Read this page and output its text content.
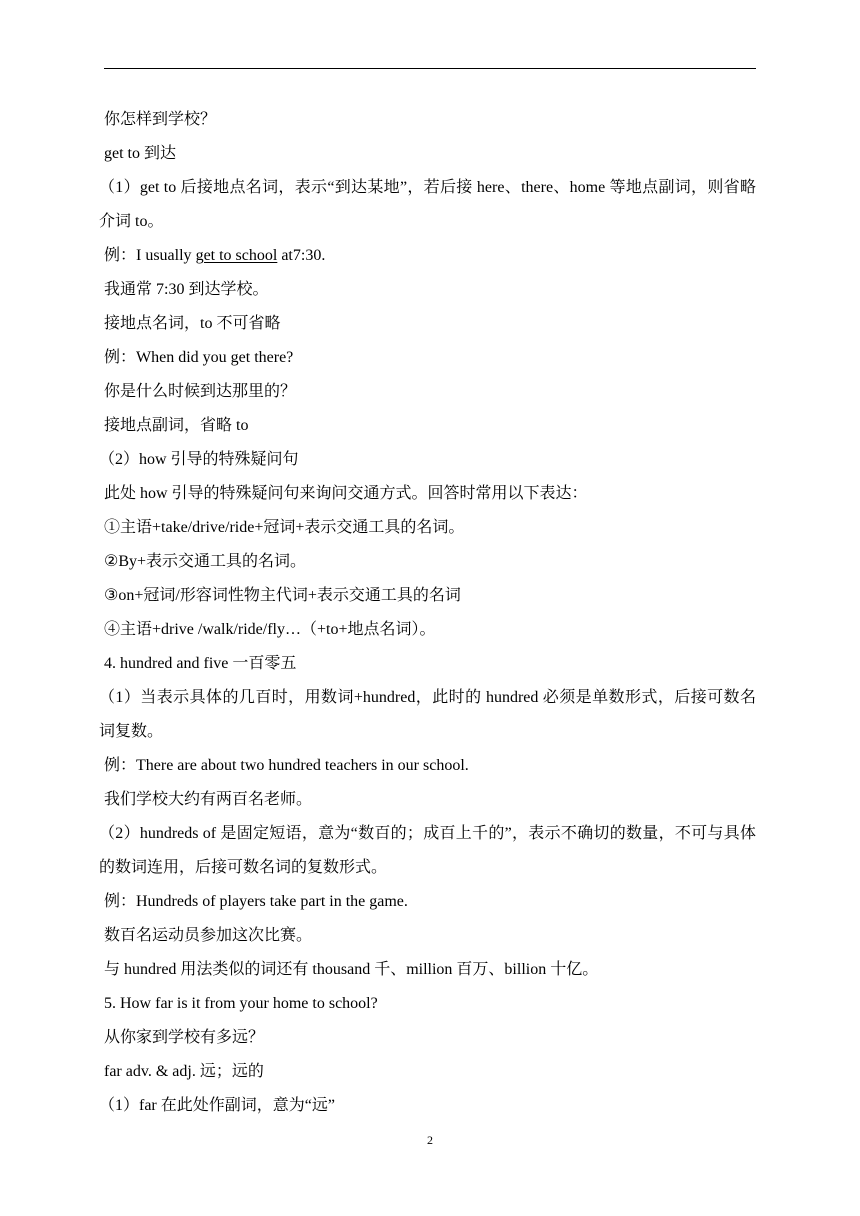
你怎样到学校？
get to 到达
（1）get to 后接地点名词，表示“到达某地”，若后接 here、there、home 等地点副词，则省略介词 to。
例：I usually get to school at7:30.
我通常 7:30 到达学校。
接地点名词，to 不可省略
例：When did you get there?
你是什么时候到达那里的？
接地点副词，省略 to
（2）how 引导的特殊疑问句
此处 how 引导的特殊疑问句来询问交通方式。回答时常用以下表达：
①主语+take/drive/ride+冠词+表示交通工具的名词。
②By+表示交通工具的名词。
③on+冠词/形容词性物主代词+表示交通工具的名词
④主语+drive /walk/ride/fly…（+to+地点名词）。
4. hundred and five 一百零五
（1）当表示具体的几百时，用数词+hundred，此时的 hundred 必须是单数形式，后接可数名词复数。
例：There are about two hundred teachers in our school.
我们学校大约有两百名老师。
（2）hundreds of 是固定短语，意为“数百的；成百上千的”，表示不确切的数量，不可与具体的数词连用，后接可数名词的复数形式。
例：Hundreds of players take part in the game.
数百名运动员参加这次比赛。
与 hundred 用法类似的词还有 thousand 千、million 百万、billion 十亿。
5. How far is it from your home to school?
从你家到学校有多远？
far adv. & adj. 远；远的
（1）far 在此处作副词，意为“远”
2
